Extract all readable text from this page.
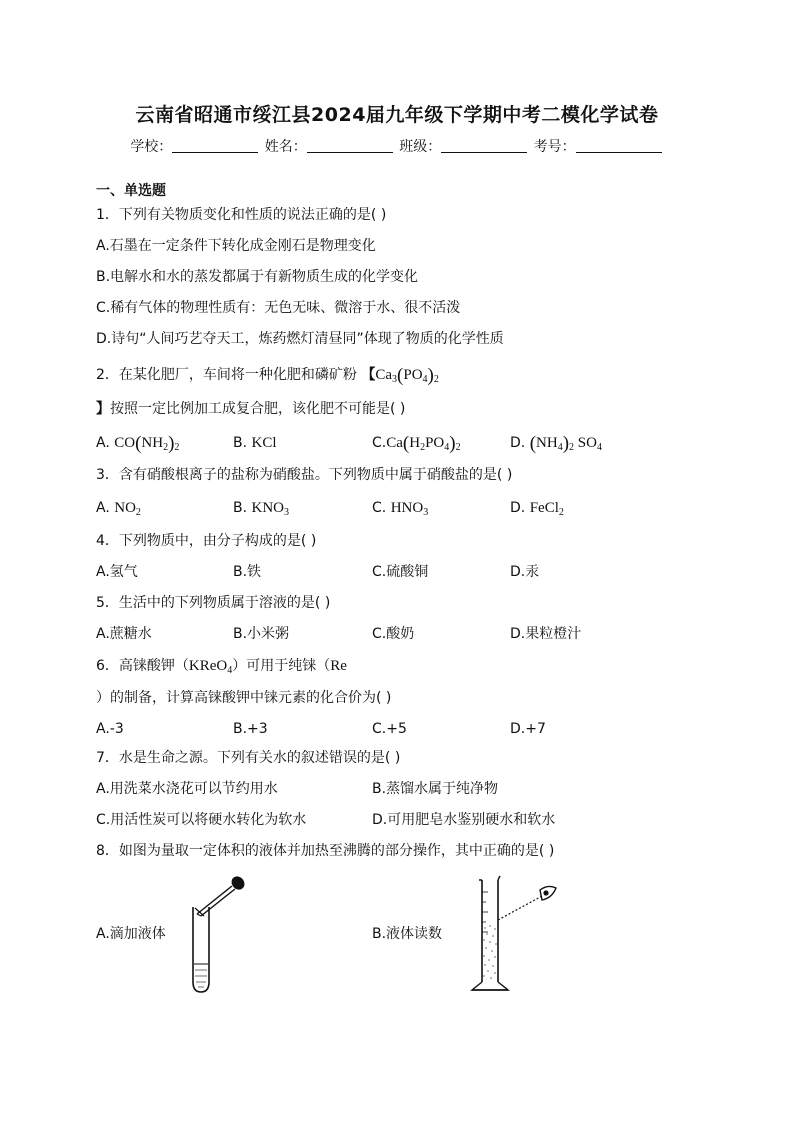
云南省昭通市绥江县2024届九年级下学期中考二模化学试卷
学校：	姓名：	班级：	考号：
一、单选题
1．下列有关物质变化和性质的说法正确的是( )
A.石墨在一定条件下转化成金刚石是物理变化
B.电解水和水的蒸发都属于有新物质生成的化学变化
C.稀有气体的物理性质有：无色无味、微溶于水、很不活泼
D.诗句“人间巧艺夺天工，炼药燃灯清昼同”体现了物质的化学性质
2．在某化肥厂，车间将一种化肥和磷矿粉 【$Ca_3(PO_4)_2$
】按照一定比例加工成复合肥，该化肥不可能是( )
A. $CO(NH_2)_2$	B. KCl	$C.Ca(H_2PO_4)_2$	D. $(NH_4)_2$ $SO_4$
3．含有硝酸根离子的盐称为硝酸盐。下列物质中属于硝酸盐的是( )
A. $NO_2$	B. $KNO_3$	C. $HNO_3$	D. FeCl$_2$
4．下列物质中，由分子构成的是( )
A.氢气	B.铁	C.硫酸铜	D.汞
5．生活中的下列物质属于溶液的是( )
A.蔗糖水	B.小米粥	C.酸奶	D.果粒橙汁
6．高铼酸钾（KReO$_4$）可用于纯铼（Re
）的制备，计算高铼酸钾中铼元素的化合价为( )
A.-3	B.+3	C.+5	D.+7
7．水是生命之源。下列有关水的叙述错误的是( )
A.用洗菜水浇花可以节约用水	B.蒸馏水属于纯净物
C.用活性炭可以将硬水转化为软水	D.可用肥皂水鉴别硬水和软水
8．如图为量取一定体积的液体并加热至沸腾的部分操作，其中正确的是( )
A.滴加液体	B.液体读数
